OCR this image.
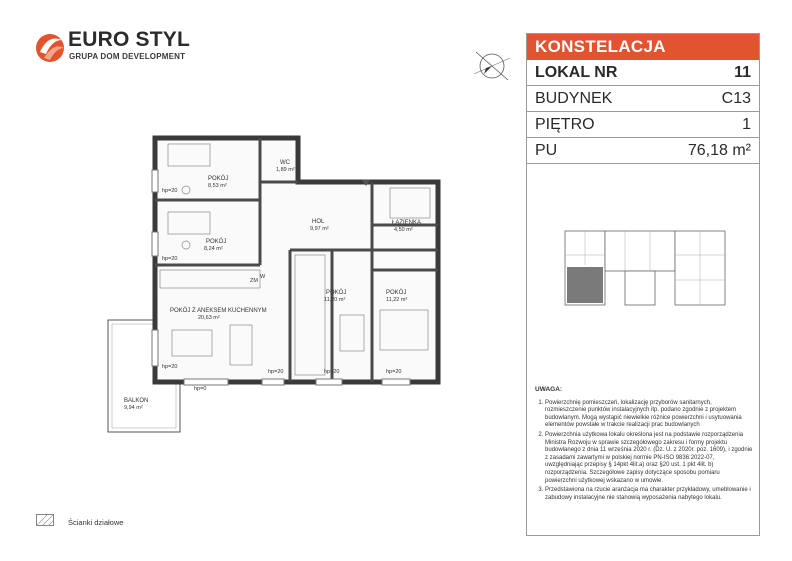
EURO STYL
GRUPA DOM DEVELOPMENT
POKÓJ
8,53 m²
WC
1,89 m²
HOL
9,97 m²
ŁAZIENKA
4,50 m²
POKÓJ
8,24 m²
POKÓJ
11,20 m²
POKÓJ
11,22 m²
POKÓJ Z ANEKSEM KUCHENNYM
20,63 m²
BALKON
9,94 m²
hp=20
hp=20
hp=20
hp=0
hp=20	hp=20	hp=20
ZM
W
KONSTELACJA
LOKAL NR	11
BUDYNEK	C13
PIĘTRO	1
PU	76,18 m²
UWAGA:
1. Powierzchnię pomieszczeń, lokalizację przyborów sanitarnych, rozmieszczenie punktów instalacyjnych itp. podano zgodnie z projektem budowlanym. Mogą wystąpić niewielkie różnice powierzchni i usytuowania elementów powstałe w trakcie realizacji prac budowlanych
2. Powierzchnia użytkowa lokalu określona jest na podstawie rozporządzenia Ministra Rozwoju w sprawie szczegółowego zakresu i formy projektu budowlanego z dnia 11 września 2020 r. (Dz. U. z 2020r. poz. 1609), i zgodnie z zasadami zawartymi w polskiej normie PN-ISO 9836:2022-07, uwzględniając przepisy § 14pkt 4lit.a) oraz §20 ust. 1 pkt 4lit. b) rozporządzenia. Szczegółowe zapisy dotyczące sposobu pomiaru powierzchni użytkowej wskazano w umowie.
3. Przedstawiona na rzucie aranżacja ma charakter przykładowy, umeblowanie i zabudowy instalacyjne nie stanowią wyposażenia nabytego lokalu.
Ścianki działowe
